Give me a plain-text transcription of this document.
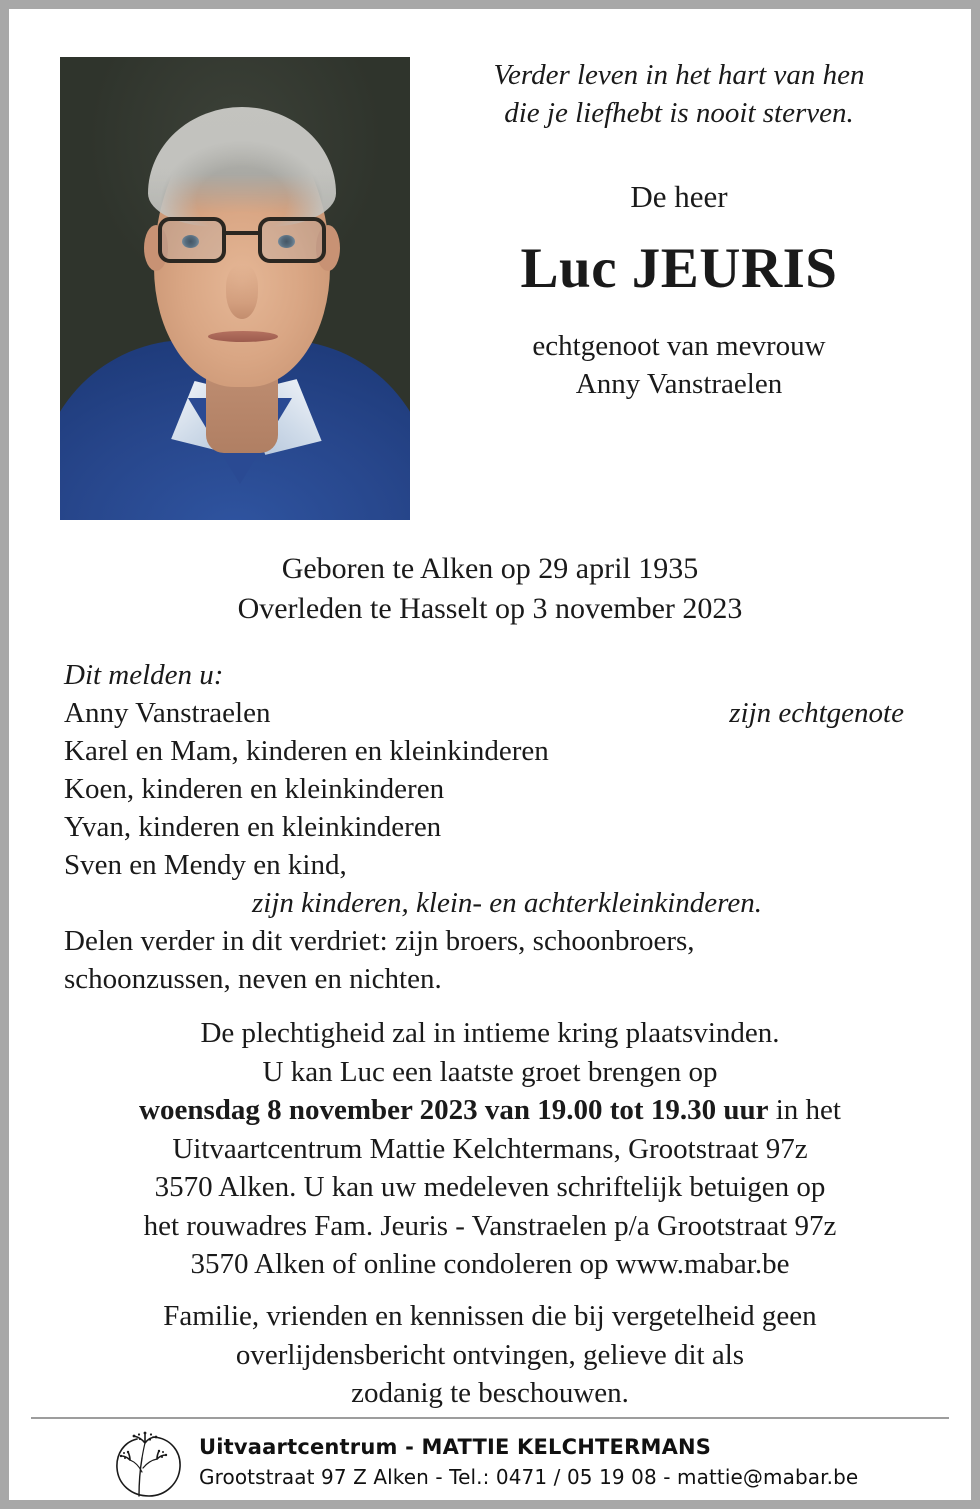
Verder leven in het hart van hen
die je liefhebt is nooit sterven.
De heer
Luc JEURIS
echtgenoot van mevrouw
Anny Vanstraelen
Geboren te Alken op 29 april 1935
Overleden te Hasselt op 3 november 2023
Dit melden u:
Anny Vanstraelen	zijn echtgenote
Karel en Mam, kinderen en kleinkinderen
Koen, kinderen en kleinkinderen
Yvan, kinderen en kleinkinderen
Sven en Mendy en kind,
zijn kinderen, klein- en achterkleinkinderen.
Delen verder in dit verdriet: zijn broers, schoonbroers,
schoonzussen, neven en nichten.
De plechtigheid zal in intieme kring plaatsvinden.
U kan Luc een laatste groet brengen op
woensdag 8 november 2023 van 19.00 tot 19.30 uur in het
Uitvaartcentrum Mattie Kelchtermans, Grootstraat 97z
3570 Alken. U kan uw medeleven schriftelijk betuigen op
het rouwadres Fam. Jeuris - Vanstraelen p/a Grootstraat 97z
3570 Alken of online condoleren op www.mabar.be
Familie, vrienden en kennissen die bij vergetelheid geen
overlijdensbericht ontvingen, gelieve dit als
zodanig te beschouwen.
Uitvaartcentrum - MATTIE KELCHTERMANS
Grootstraat 97 Z Alken - Tel.: 0471 / 05 19 08 - mattie@mabar.be
